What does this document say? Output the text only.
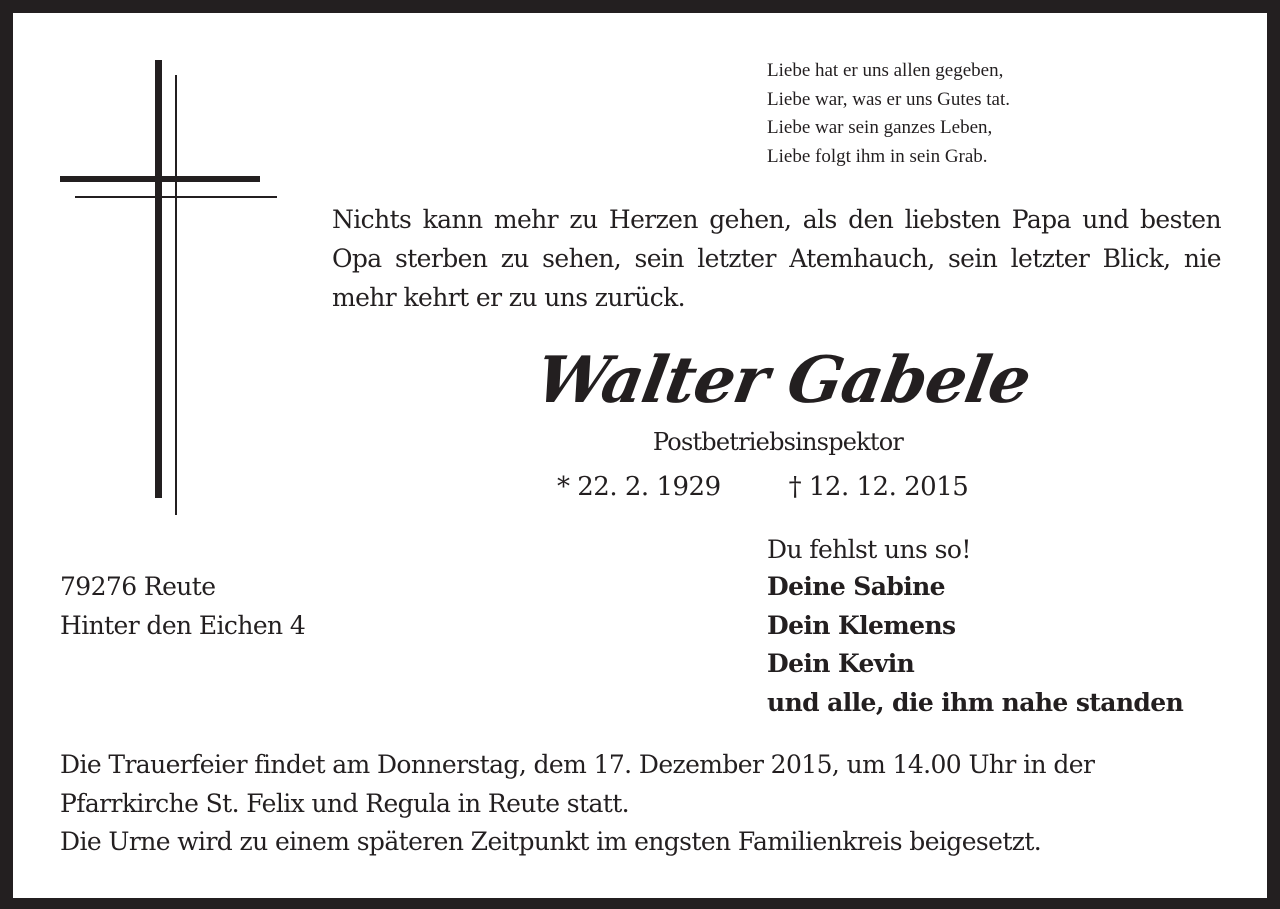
Liebe hat er uns allen gegeben,
Liebe war, was er uns Gutes tat.
Liebe war sein ganzes Leben,
Liebe folgt ihm in sein Grab.
Nichts kann mehr zu Herzen gehen, als den liebsten Papa und besten Opa sterben zu sehen, sein letzter Atemhauch, sein letzter Blick, nie mehr kehrt er zu uns zurück.
Walter Gabele
Postbetriebsinspektor
* 22. 2. 1929	† 12. 12. 2015
Du fehlst uns so!
79276 Reute
Hinter den Eichen 4
Deine Sabine
Dein Klemens
Dein Kevin
und alle, die ihm nahe standen
Die Trauerfeier findet am Donnerstag, dem 17. Dezember 2015, um 14.00 Uhr in der
Pfarrkirche St. Felix und Regula in Reute statt.
Die Urne wird zu einem späteren Zeitpunkt im engsten Familienkreis beigesetzt.
